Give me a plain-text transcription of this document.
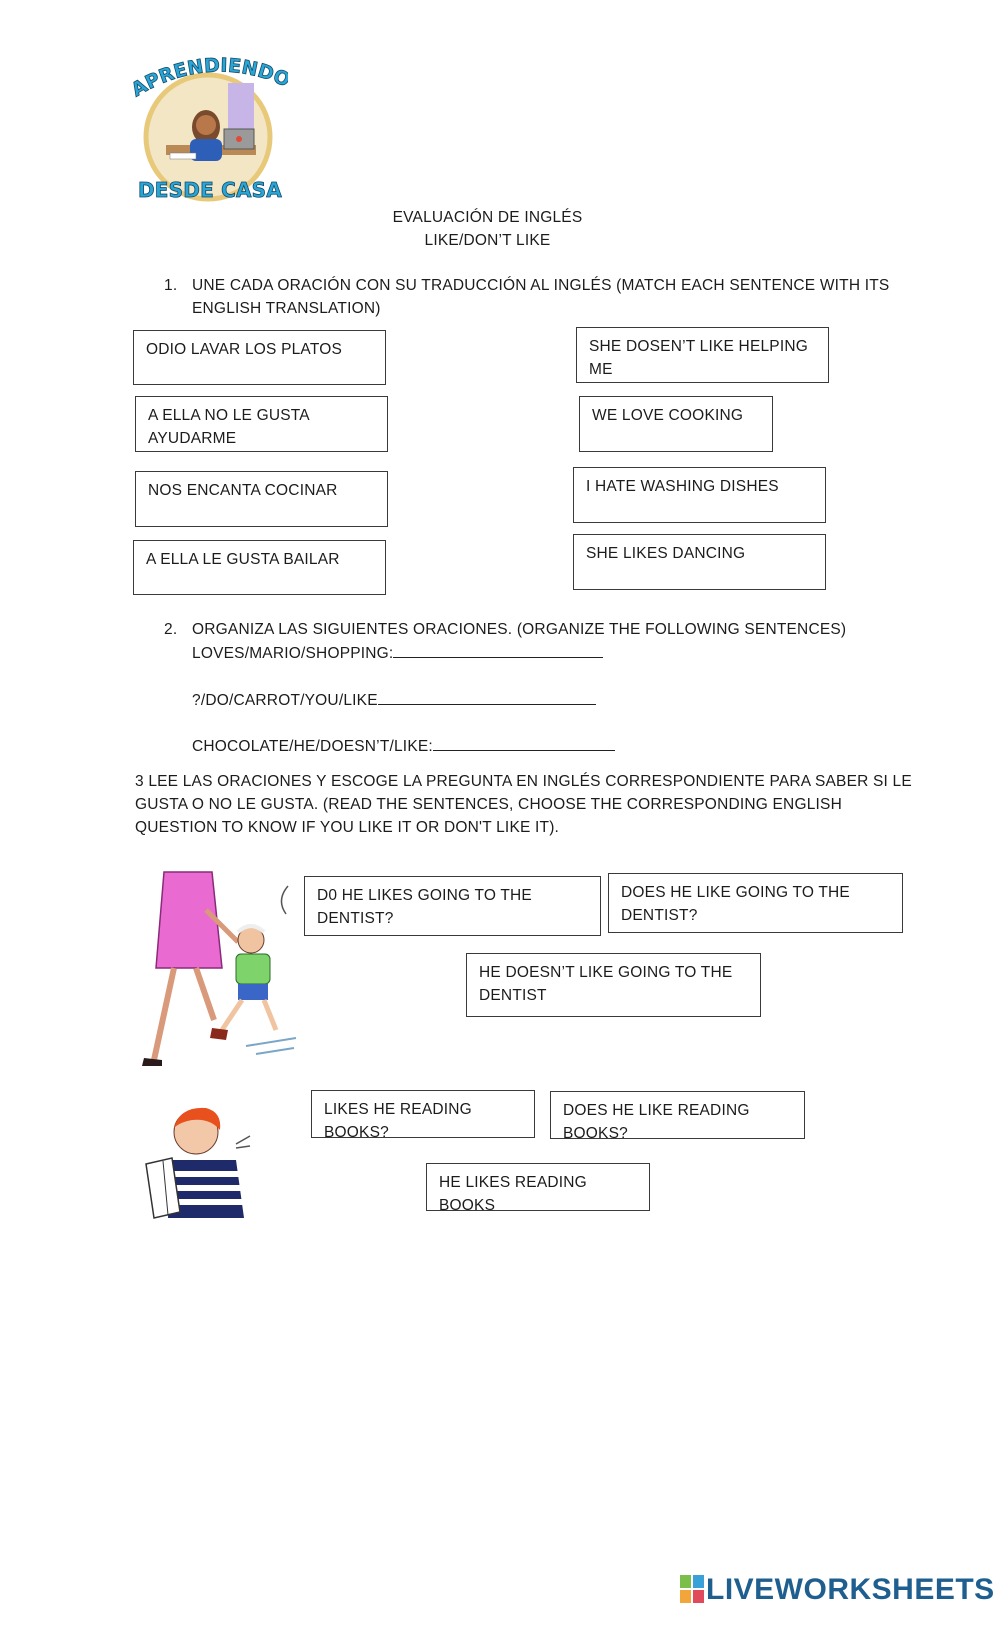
APRENDIEND
DESDE CASA
EVALUACIÓN DE INGLÉS
LIKE/DON’T LIKE
1. UNE CADA ORACIÓN CON SU TRADUCCIÓN AL INGLÉS (MATCH EACH SENTENCE WITH ITS
ENGLISH TRANSLATION)
ODIO LAVAR LOS PLATOS
A ELLA NO LE GUSTA
AYUDARME
NOS ENCANTA COCINAR
A ELLA LE GUSTA BAILAR
SHE DOSEN’T LIKE HELPING ME
WE LOVE COOKING
I HATE WASHING DISHES
SHE LIKES DANCING
2. ORGANIZA LAS SIGUIENTES ORACIONES. (ORGANIZE THE FOLLOWING SENTENCES)
LOVES/MARIO/SHOPPING:
?/DO/CARROT/YOU/LIKE
CHOCOLATE/HE/DOESN’T/LIKE:
3 LEE LAS ORACIONES Y ESCOGE LA PREGUNTA EN INGLÉS CORRESPONDIENTE PARA SABER SI LE
GUSTA O NO LE GUSTA. (READ THE SENTENCES, CHOOSE THE CORRESPONDING ENGLISH
QUESTION TO KNOW IF YOU LIKE IT OR DON'T LIKE IT).
D0 HE LIKES GOING TO THE DENTIST?
DOES HE LIKE GOING TO THE
DENTIST?
HE DOESN’T LIKE GOING TO THE
DENTIST
LIKES HE READING BOOKS?
DOES HE LIKE READING BOOKS?
HE LIKES READING BOOKS
LIVEWORKSHEETS
